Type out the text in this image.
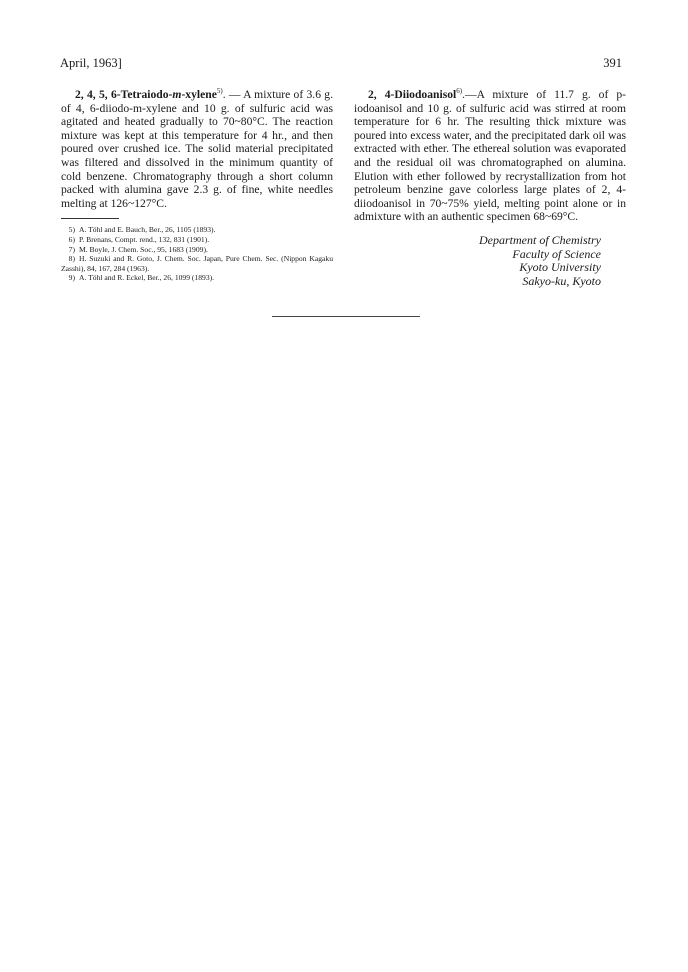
April, 1963]	391

2, 4, 5, 6-Tetraiodo-m-xylene$^{5)}$. — A mixture of 3.6 g. of 4, 6-diiodo-m-xylene and 10 g. of sulfuric acid was agitated and heated gradually to 70~80°C. The reaction mixture was kept at this temperature for 4 hr., and then poured over crushed ice. The solid material precipitated was filtered and dissolved in the minimum quantity of cold benzene. Chromatography through a short column packed with alumina gave 2.3 g. of fine, white needles melting at 126~127°C.

5) A. Töhl and E. Bauch, Ber., 26, 1105 (1893).

6) P. Brenans, Compt. rend., 132, 831 (1901).

7) M. Boyle, J. Chem. Soc., 95, 1683 (1909).

8) H. Suzuki and R. Goto, J. Chem. Soc. Japan, Pure Chem. Sec. (Nippon Kagaku Zasshi), 84, 167, 284 (1963).

9) A. Töhl and R. Eckel, Ber., 26, 1099 (1893).

2, 4-Diiodoanisol$^{6)}$.—A mixture of 11.7 g. of p-iodoanisol and 10 g. of sulfuric acid was stirred at room temperature for 6 hr. The resulting thick mixture was poured into excess water, and the precipitated dark oil was extracted with ether. The ethereal solution was evaporated and the residual oil was chromatographed on alumina. Elution with ether followed by recrystallization from hot petroleum benzine gave colorless large plates of 2, 4-diiodoanisol in 70~75% yield, melting point alone or in admixture with an authentic specimen 68~69°C.

Department of Chemistry
Faculty of Science
Kyoto University
Sakyo-ku, Kyoto
